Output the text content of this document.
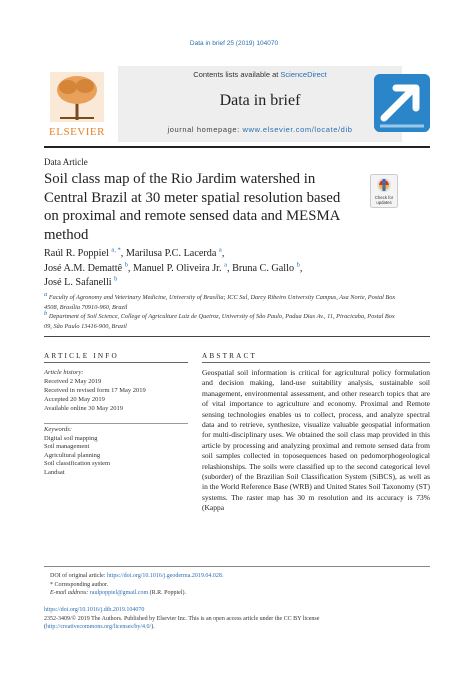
Data in brief 25 (2019) 104070
ELSEVIER
Contents lists available at ScienceDirect
Data in brief
journal homepage: www.elsevier.com/locate/dib
Data Article
Soil class map of the Rio Jardim watershed in Central Brazil at 30 meter spatial resolution based on proximal and remote sensed data and MESMA method
Check for
updates
Raúl R. Poppiel $^{a, *}$, Marilusa P.C. Lacerda $^a$,
José A.M. Demattê $^b$, Manuel P. Oliveira Jr. $^a$, Bruna C. Gallo $^b$,
José L. Safanelli $^b$
a Faculty of Agronomy and Veterinary Medicine, University of Brasília; ICC Sul, Darcy Ribeiro University Campus, Asa Norte, Postal Box 4508, Brasília 70910-960, Brazil
b Department of Soil Science, College of Agriculture Luiz de Queiroz, University of São Paulo, Padua Dias Av., 11, Piracicaba, Postal Box 09, São Paulo 13416-900, Brazil
ARTICLE INFO	ABSTRACT
Article history:
Received 2 May 2019
Received in revised form 17 May 2019
Accepted 20 May 2019
Available online 30 May 2019
Keywords:
Digital soil mapping
Soil management
Agricultural planning
Soil classification system
Landsat
Geospatial soil information is critical for agricultural policy formulation and decision making, land-use suitability analysis, sustainable soil management, environmental assessment, and other research topics that are of vital importance to agriculture and economy. Proximal and Remote sensing technologies enables us to collect, process, and analyze spectral data and to retrieve, synthesize, visualize valuable geospatial information for multi-disciplinary uses. We obtained the soil class map provided in this article by processing and analyzing proximal and remote sensed data from soil samples collected in toposequences based on pedomorphogeological relashionships. The soils were classified up to the second categorical level (suborder) of the Brazilian Soil Classification System (SiBCS), as well as in the World Reference Base (WRB) and United States Soil Taxonomy (ST) systems. The raster map has 30 m resolution and its accuracy is 73% (Kappa
DOI of original article: https://doi.org/10.1016/j.geoderma.2019.04.028.
* Corresponding author.
E-mail address: raulpoppiel@gmail.com (R.R. Poppiel).
https://doi.org/10.1016/j.dib.2019.104070
2352-3409/© 2019 The Authors. Published by Elsevier Inc. This is an open access article under the CC BY license (http://creativecommons.org/licenses/by/4.0/).
